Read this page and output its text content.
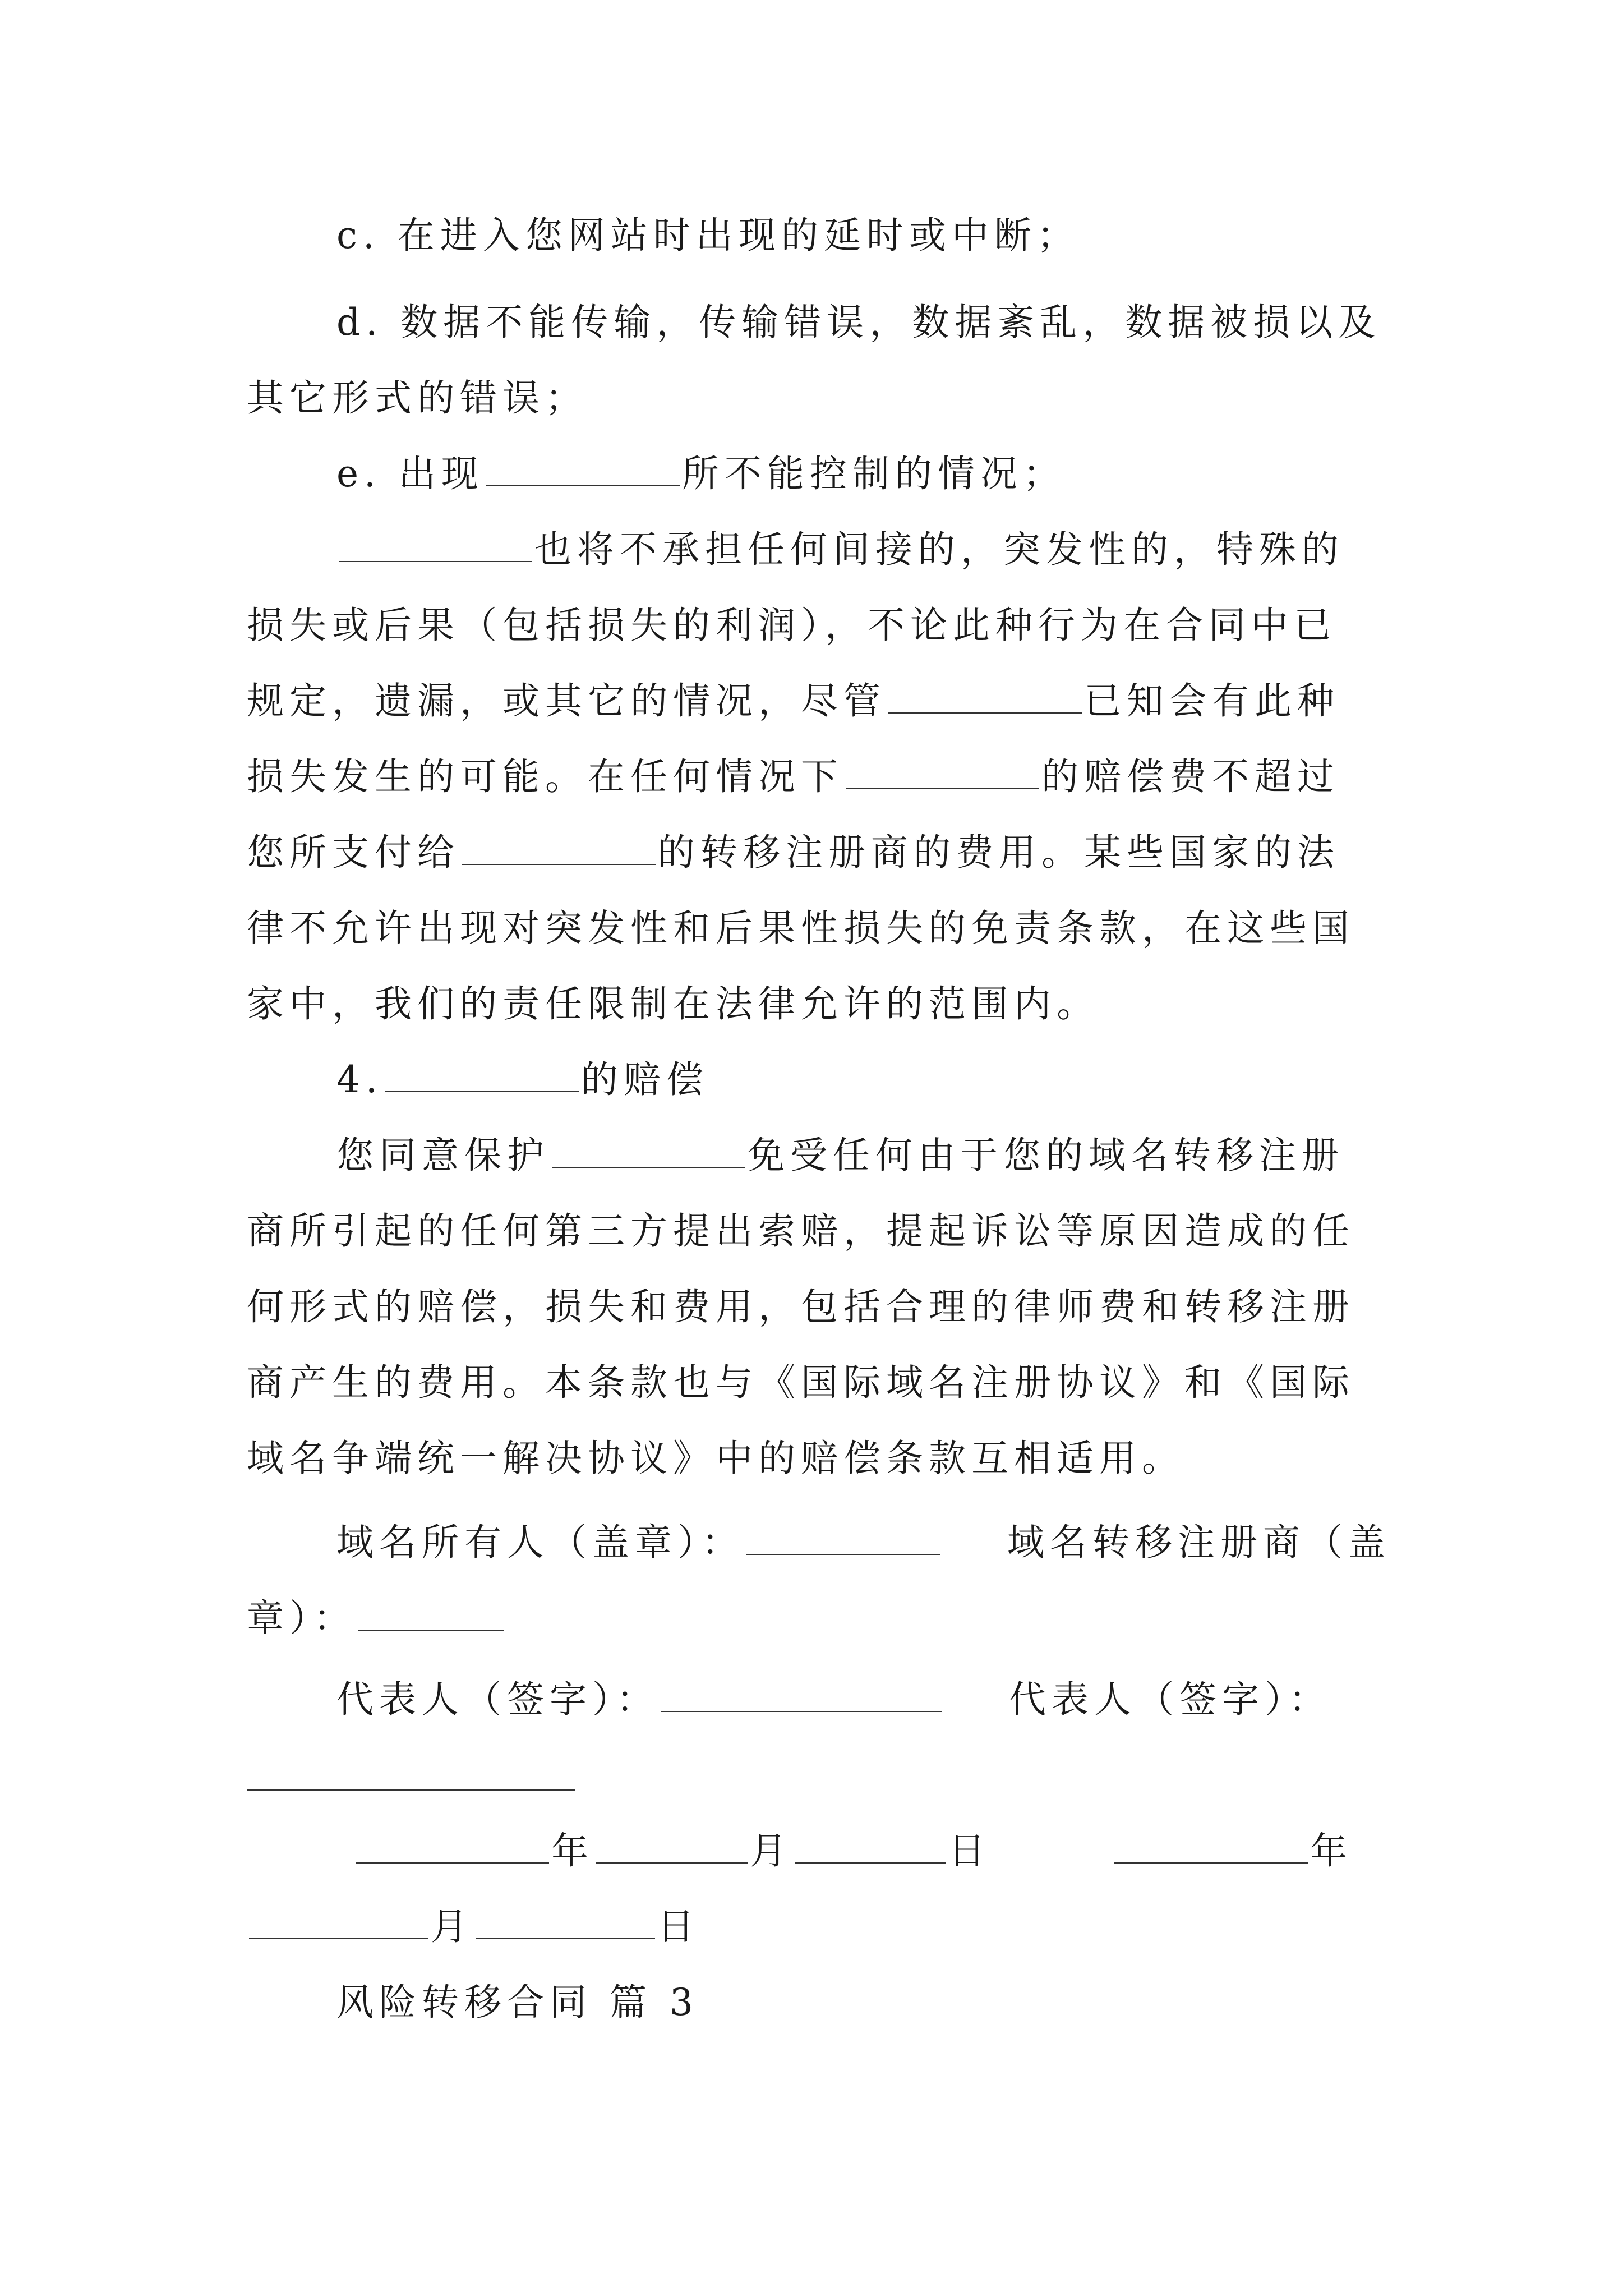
c. 在进入您网站时出现的延时或中断；
d. 数据不能传输，传输错误，数据紊乱，数据被损以及
其它形式的错误；
e. 出现	所不能控制的情况；
也将不承担任何间接的，突发性的，特殊的
损失或后果（包括损失的利润），不论此种行为在合同中已
规定，遗漏，或其它的情况，尽管	已知会有此种
损失发生的可能。在任何情况下	的赔偿费不超过
您所支付给	的转移注册商的费用。某些国家的法
律不允许出现对突发性和后果性损失的免责条款，在这些国
家中，我们的责任限制在法律允许的范围内。
4.	的赔偿
您同意保护	免受任何由于您的域名转移注册
商所引起的任何第三方提出索赔，提起诉讼等原因造成的任
何形式的赔偿，损失和费用，包括合理的律师费和转移注册
商产生的费用。本条款也与《国际域名注册协议》和《国际
域名争端统一解决协议》中的赔偿条款互相适用。
域名所有人（盖章）：	域名转移注册商（盖
章）：
代表人（签字）：	代表人（签字）：
年	月	日	年
月	日
风险转移合同 篇 3
